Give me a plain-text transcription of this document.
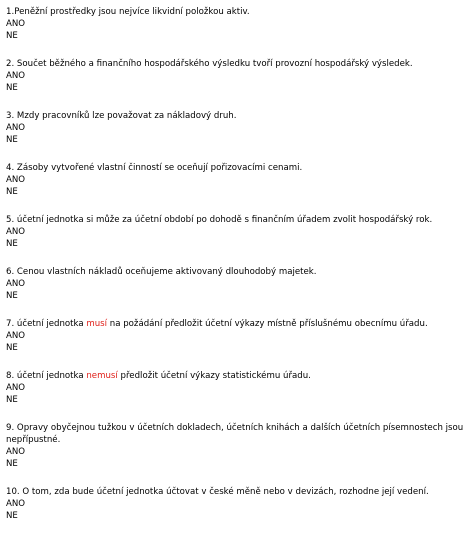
1.Peněžní prostředky jsou nejvíce likvidní položkou aktiv.
ANO
NE
2. Součet běžného a finančního hospodářského výsledku tvoří provozní hospodářský výsledek.
ANO
NE
3. Mzdy pracovníků lze považovat za nákladový druh.
ANO
NE
4. Zásoby vytvořené vlastní činností se oceňují pořizovacími cenami.
ANO
NE
5. účetní jednotka si může za účetní období po dohodě s finančním úřadem zvolit hospodářský rok.
ANO
NE
6. Cenou vlastních nákladů oceňujeme aktivovaný dlouhodobý majetek.
ANO
NE
7. účetní jednotka musí na požádání předložit účetní výkazy místně příslušnému obecnímu úřadu.
ANO
NE
8. účetní jednotka nemusí předložit účetní výkazy statistickému úřadu.
ANO
NE
9. Opravy obyčejnou tužkou v účetních dokladech, účetních knihách a dalších účetních písemnostech jsou nepřípustné.
ANO
NE
10. O tom, zda bude účetní jednotka účtovat v české měně nebo v devizách, rozhodne její vedení.
ANO
NE
